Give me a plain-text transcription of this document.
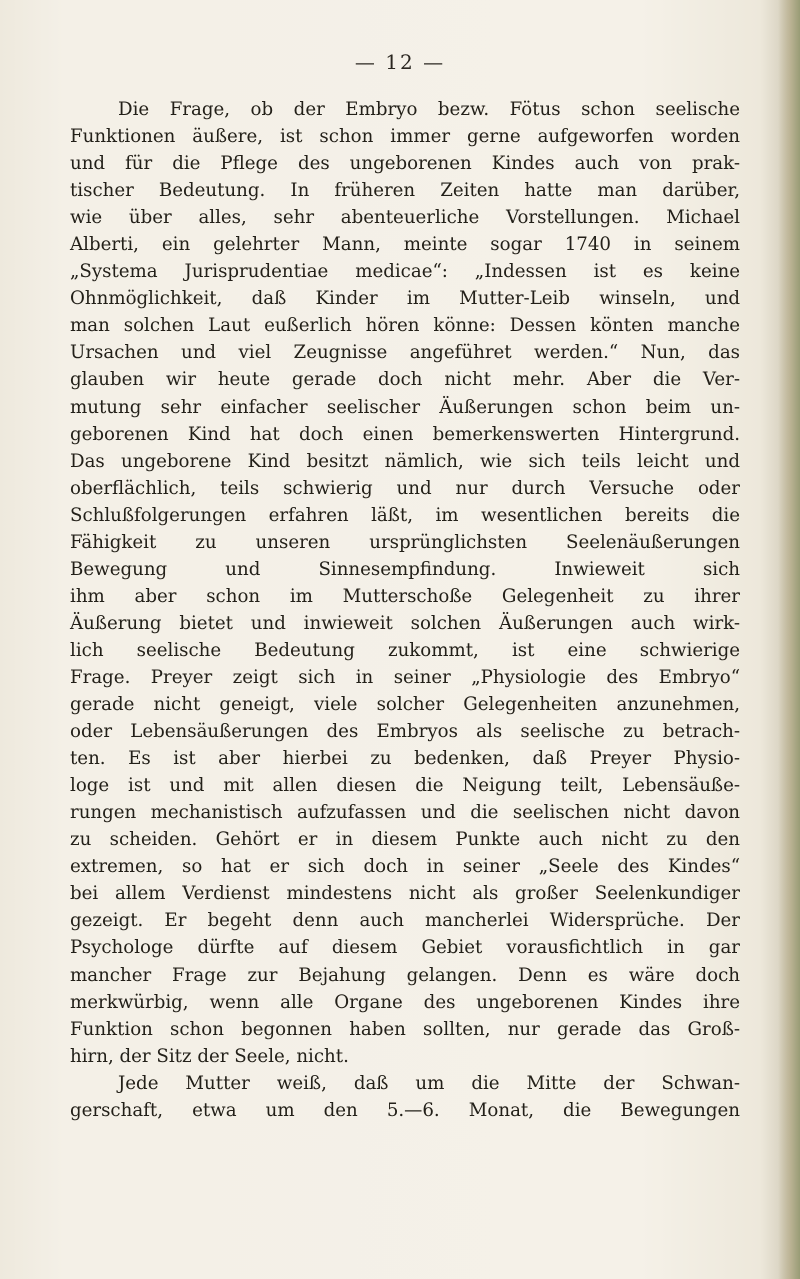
— 12 —
Die Frage, ob der Embryo bezw. Fötus schon seelische
Funktionen äußere, ist schon immer gerne aufgeworfen worden
und für die Pflege des ungeborenen Kindes auch von prak-
tischer Bedeutung. In früheren Zeiten hatte man darüber,
wie über alles, sehr abenteuerliche Vorstellungen. Michael
Alberti, ein gelehrter Mann, meinte sogar 1740 in seinem
„Systema Jurisprudentiae medicae“: „Indessen ist es keine
Ohnmöglichkeit, daß Kinder im Mutter-Leib winseln, und
man solchen Laut eußerlich hören könne: Dessen könten manche
Ursachen und viel Zeugnisse angeführet werden.“ Nun, das
glauben wir heute gerade doch nicht mehr. Aber die Ver-
mutung sehr einfacher seelischer Äußerungen schon beim un-
geborenen Kind hat doch einen bemerkenswerten Hintergrund.
Das ungeborene Kind besitzt nämlich, wie sich teils leicht und
oberflächlich, teils schwierig und nur durch Versuche oder
Schlußfolgerungen erfahren läßt, im wesentlichen bereits die
Fähigkeit zu unseren ursprünglichsten Seelenäußerungen
Bewegung und Sinnesempfindung. Inwieweit sich
ihm aber schon im Mutterschoße Gelegenheit zu ihrer
Äußerung bietet und inwieweit solchen Äußerungen auch wirk-
lich seelische Bedeutung zukommt, ist eine schwierige
Frage. Preyer zeigt sich in seiner „Physiologie des Embryo“
gerade nicht geneigt, viele solcher Gelegenheiten anzunehmen,
oder Lebensäußerungen des Embryos als seelische zu betrach-
ten. Es ist aber hierbei zu bedenken, daß Preyer Physio-
loge ist und mit allen diesen die Neigung teilt, Lebensäuße-
rungen mechanistisch aufzufassen und die seelischen nicht davon
zu scheiden. Gehört er in diesem Punkte auch nicht zu den
extremen, so hat er sich doch in seiner „Seele des Kindes“
bei allem Verdienst mindestens nicht als großer Seelenkundiger
gezeigt. Er begeht denn auch mancherlei Widersprüche. Der
Psychologe dürfte auf diesem Gebiet vorausfichtlich in gar
mancher Frage zur Bejahung gelangen. Denn es wäre doch
merkwürbig, wenn alle Organe des ungeborenen Kindes ihre
Funktion schon begonnen haben sollten, nur gerade das Groß-
hirn, der Sitz der Seele, nicht.
Jede Mutter weiß, daß um die Mitte der Schwan-
gerschaft, etwa um den 5.—6. Monat, die Bewegungen
